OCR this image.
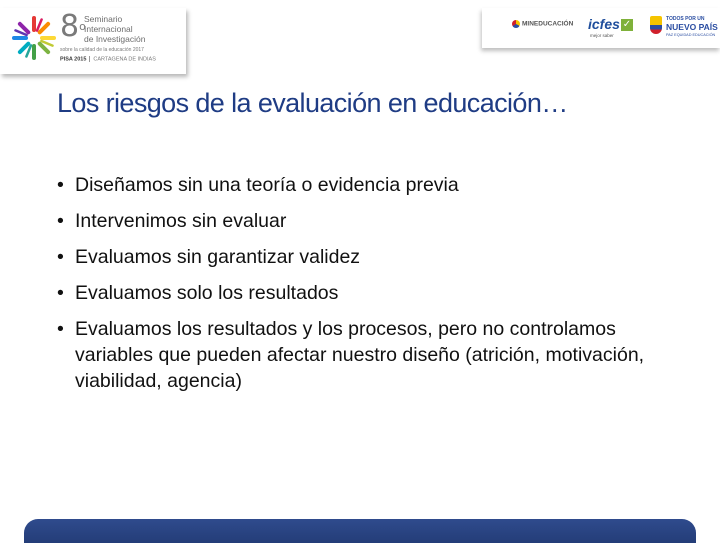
8$^o$
Seminario
Internacional
de Investigación
sobre la calidad de la educación 2017
PISA 2015 CARTAGENA DE INDIAS
MINEDUCACIÓN icfes ✓
mejor saber
TODOS POR UN
NUEVO PAÍS
PAZ EQUIDAD EDUCACIÓN
Los riesgos de la evaluación en educación…
• Diseñamos sin una teoría o evidencia previa
• Intervenimos sin evaluar
• Evaluamos sin garantizar validez
• Evaluamos solo los resultados
• Evaluamos los resultados y los procesos, pero no controlamos variables que pueden afectar nuestro diseño (atrición, motivación, viabilidad, agencia)
